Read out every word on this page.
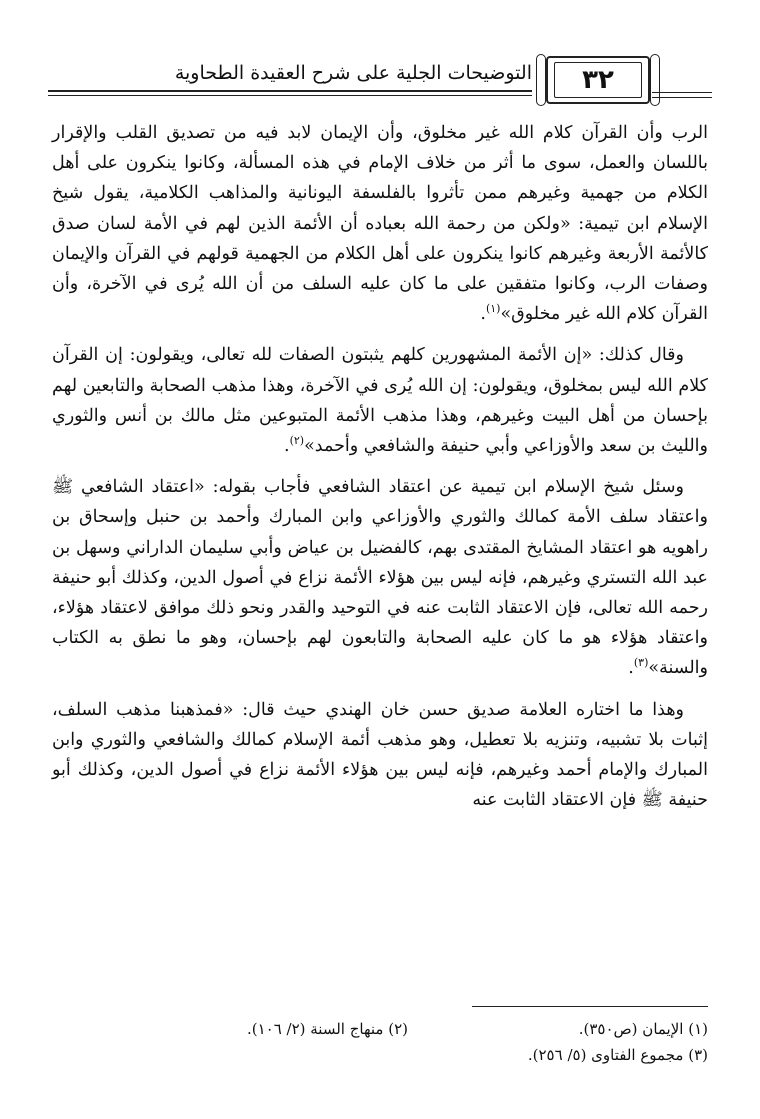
التوضيحات الجلية على شرح العقيدة الطحاوية	٣٢

الرب وأن القرآن كلام الله غير مخلوق، وأن الإيمان لابد فيه من تصديق القلب والإقرار باللسان والعمل، سوى ما أثر من خلاف الإمام في هذه المسألة، وكانوا ينكرون على أهل الكلام من جهمية وغيرهم ممن تأثروا بالفلسفة اليونانية والمذاهب الكلامية، يقول شيخ الإسلام ابن تيمية: «ولكن من رحمة الله بعباده أن الأئمة الذين لهم في الأمة لسان صدق كالأئمة الأربعة وغيرهم كانوا ينكرون على أهل الكلام من الجهمية قولهم في القرآن والإيمان وصفات الرب، وكانوا متفقين على ما كان عليه السلف من أن الله يُرى في الآخرة، وأن القرآن كلام الله غير مخلوق»$^{(١)}$.

وقال كذلك: «إن الأئمة المشهورين كلهم يثبتون الصفات لله تعالى، ويقولون: إن القرآن كلام الله ليس بمخلوق، ويقولون: إن الله يُرى في الآخرة، وهذا مذهب الصحابة والتابعين لهم بإحسان من أهل البيت وغيرهم، وهذا مذهب الأئمة المتبوعين مثل مالك بن أنس والثوري والليث بن سعد والأوزاعي وأبي حنيفة والشافعي وأحمد»$^{(٢)}$.

وسئل شيخ الإسلام ابن تيمية عن اعتقاد الشافعي فأجاب بقوله: «اعتقاد الشافعي ﷺ واعتقاد سلف الأمة كمالك والثوري والأوزاعي وابن المبارك وأحمد بن حنبل وإسحاق بن راهويه هو اعتقاد المشايخ المقتدى بهم، كالفضيل بن عياض وأبي سليمان الداراني وسهل بن عبد الله التستري وغيرهم، فإنه ليس بين هؤلاء الأئمة نزاع في أصول الدين، وكذلك أبو حنيفة رحمه الله تعالى، فإن الاعتقاد الثابت عنه في التوحيد والقدر ونحو ذلك موافق لاعتقاد هؤلاء، واعتقاد هؤلاء هو ما كان عليه الصحابة والتابعون لهم بإحسان، وهو ما نطق به الكتاب والسنة»$^{(٣)}$.

وهذا ما اختاره العلامة صديق حسن خان الهندي حيث قال: «فمذهبنا مذهب السلف، إثبات بلا تشبيه، وتنزيه بلا تعطيل، وهو مذهب أئمة الإسلام كمالك والشافعي والثوري وابن المبارك والإمام أحمد وغيرهم، فإنه ليس بين هؤلاء الأئمة نزاع في أصول الدين، وكذلك أبو حنيفة ﷺ فإن الاعتقاد الثابت عنه

(١) الإيمان (ص٣٥٠).(٢) منهاج السنة (٢/ ١٠٦).
(٣) مجموع الفتاوى (٥/ ٢٥٦).
